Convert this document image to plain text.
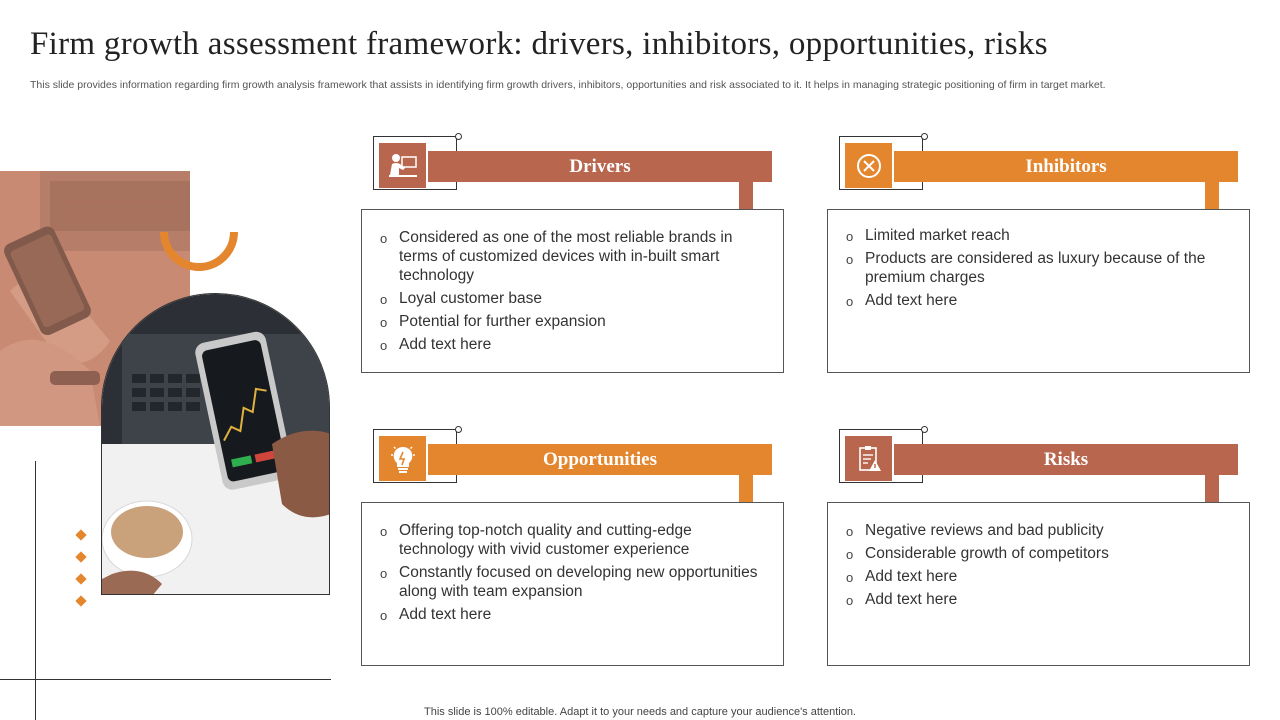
Firm growth assessment framework: drivers, inhibitors, opportunities, risks
This slide provides information regarding firm growth analysis framework that assists in identifying firm growth drivers, inhibitors, opportunities and risk associated to it. It helps in managing strategic positioning of firm in target market.
Drivers
o Considered as one of the most reliable brands in terms of customized devices with in-built smart technology
o Loyal customer base
o Potential for further expansion
o Add text here
Inhibitors
o Limited market reach
o Products are considered as luxury because of the premium charges
o Add text here
Opportunities
o Offering top-notch quality and cutting-edge technology with vivid customer experience
o Constantly focused on developing new opportunities along with team expansion
o Add text here
Risks
o Negative reviews and bad publicity
o Considerable growth of competitors
o Add text here
o Add text here
This slide is 100% editable. Adapt it to your needs and capture your audience's attention.
